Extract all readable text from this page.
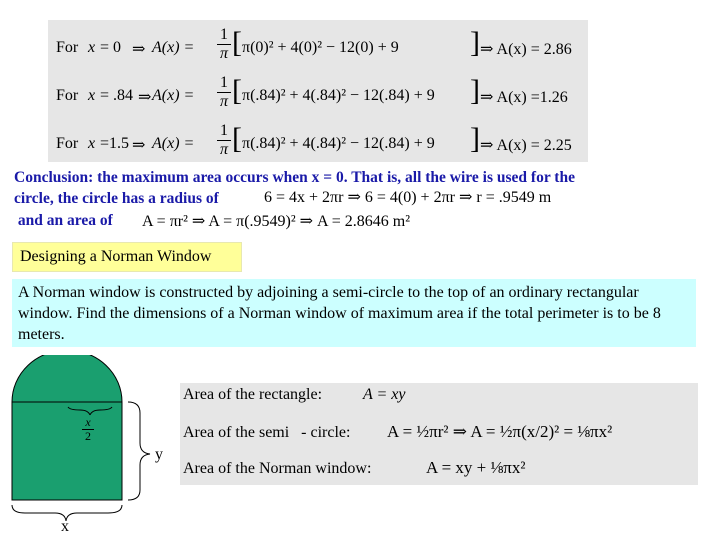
For x = 0 ⇒ $A(x) = \frac{1}{\pi}$ [ π(0)² + 4(0)² − 12(0) + 9 ] ⇒ A(x) = 2.86
For x = .84 ⇒ $A(x) = \frac{1}{\pi}$ [ π(.84)² + 4(.84)² − 12(.84) + 9 ] ⇒ A(x) =1.26
For x =1.5 ⇒ $A(x) = \frac{1}{\pi}$ [ π(.84)² + 4(.84)² − 12(.84) + 9 ] ⇒ A(x) = 2.25
Conclusion: the maximum area occurs when x = 0. That is, all the wire is used for the
circle, the circle has a radius of	6 = 4x + 2πr ⇒ 6 = 4(0) + 2πr ⇒ r = .9549 m
and an area of A = πr² ⇒ A = π(.9549)² ⇒ A = 2.8646 m²
Designing a Norman Window
A Norman window is constructed by adjoining a semi-circle to the top of an ordinary rectangular window. Find the dimensions of a Norman window of maximum area if the total perimeter is to be 8 meters.
$\frac{x}{2}$
y
x
Area of the rectangle:	A = xy
Area of the semi   - circle: A = ½πr² ⇒ A = ½π(x/2)² = ⅛πx²
Area of the Norman window:	A = xy + ⅛πx²
